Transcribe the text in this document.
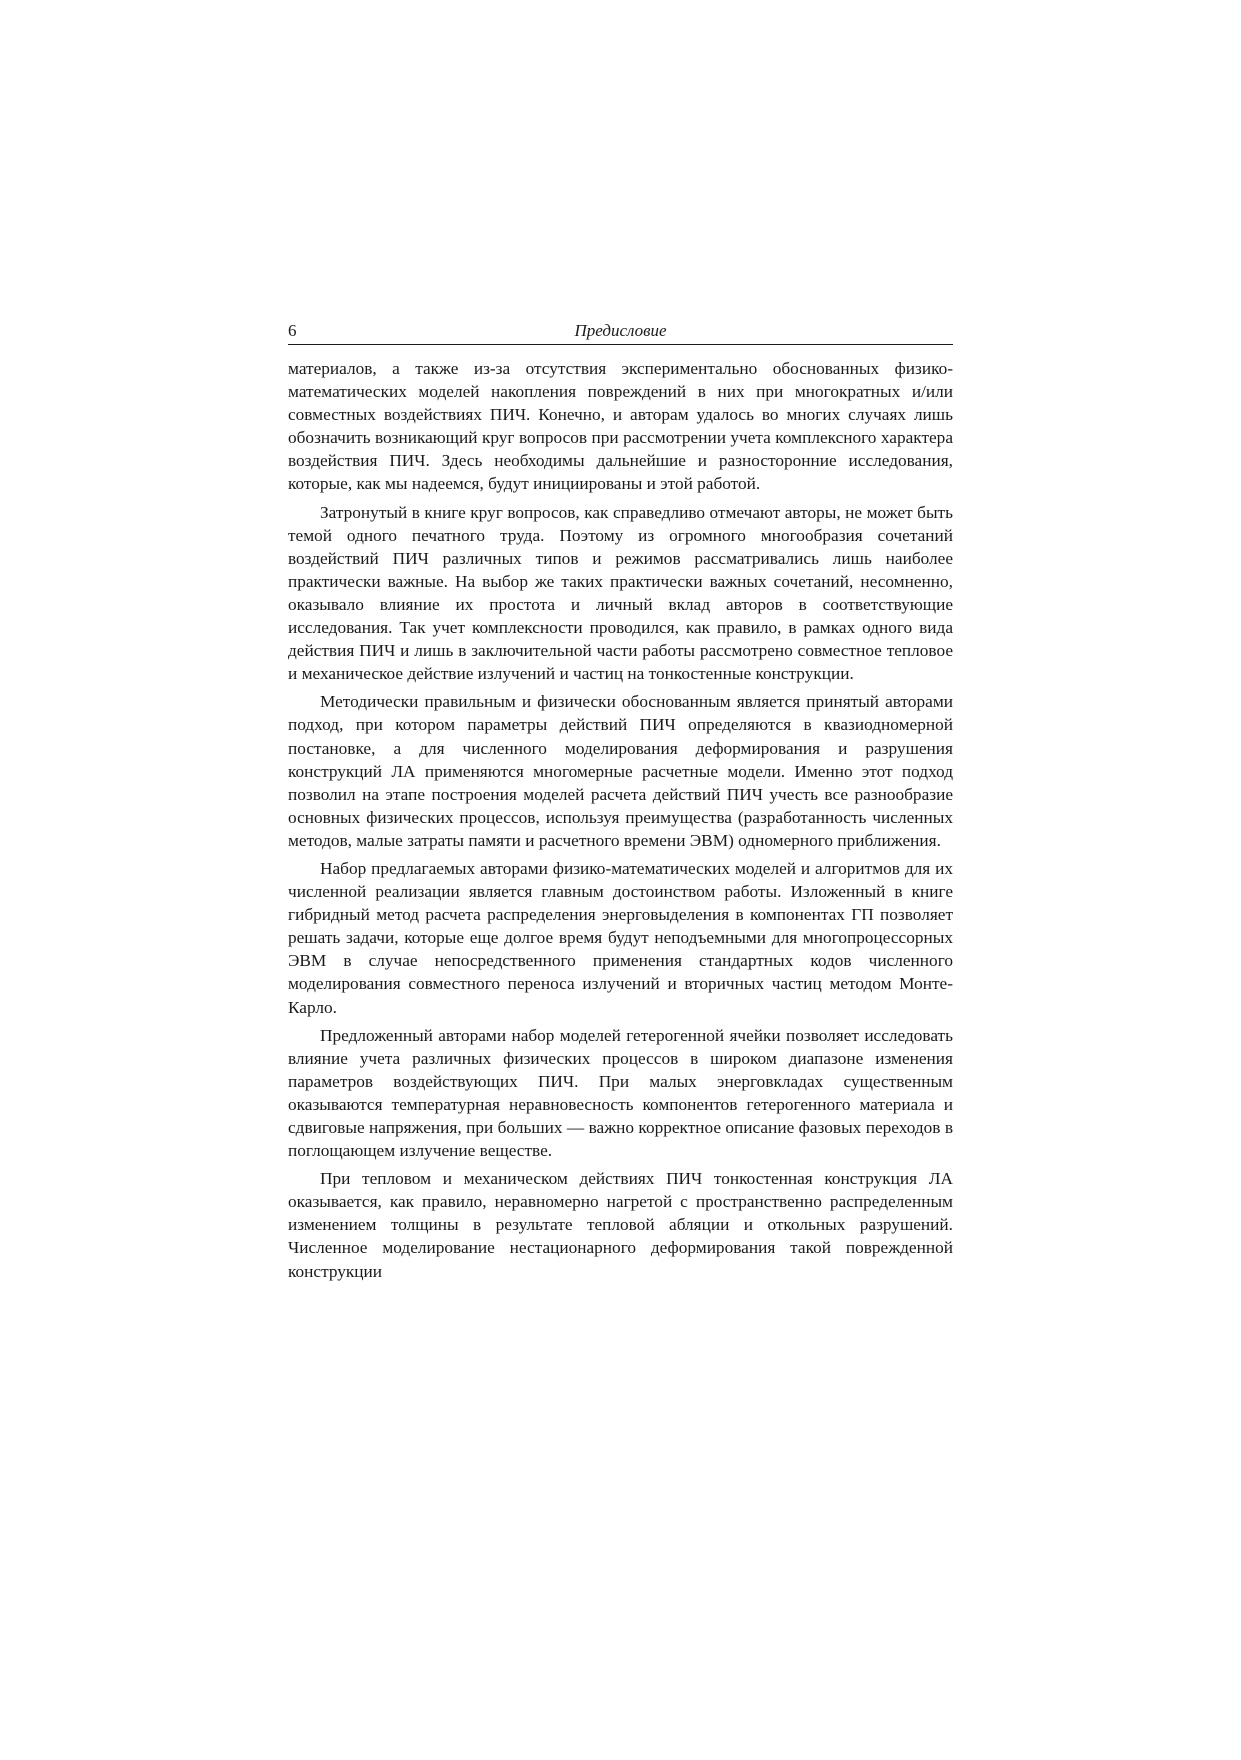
6	Предисловие

материалов, а также из-за отсутствия экспериментально обоснованных физико-математических моделей накопления повреждений в них при многократных и/или совместных воздействиях ПИЧ. Конечно, и авторам удалось во многих случаях лишь обозначить возникающий круг вопросов при рассмотрении учета комплексного характера воздействия ПИЧ. Здесь необходимы дальнейшие и разносторонние исследования, которые, как мы надеемся, будут инициированы и этой работой.

Затронутый в книге круг вопросов, как справедливо отмечают авторы, не может быть темой одного печатного труда. Поэтому из огромного многообразия сочетаний воздействий ПИЧ различных типов и режимов рассматривались лишь наиболее практически важные. На выбор же таких практически важных сочетаний, несомненно, оказывало влияние их простота и личный вклад авторов в соответствующие исследования. Так учет комплексности проводился, как правило, в рамках одного вида действия ПИЧ и лишь в заключительной части работы рассмотрено совместное тепловое и механическое действие излучений и частиц на тонкостенные конструкции.

Методически правильным и физически обоснованным является принятый авторами подход, при котором параметры действий ПИЧ определяются в квазиодномерной постановке, а для численного моделирования деформирования и разрушения конструкций ЛА применяются многомерные расчетные модели. Именно этот подход позволил на этапе построения моделей расчета действий ПИЧ учесть все разнообразие основных физических процессов, используя преимущества (разработанность численных методов, малые затраты памяти и расчетного времени ЭВМ) одномерного приближения.

Набор предлагаемых авторами физико-математических моделей и алгоритмов для их численной реализации является главным достоинством работы. Изложенный в книге гибридный метод расчета распределения энерговыделения в компонентах ГП позволяет решать задачи, которые еще долгое время будут неподъемными для многопроцессорных ЭВМ в случае непосредственного применения стандартных кодов численного моделирования совместного переноса излучений и вторичных частиц методом Монте-Карло.

Предложенный авторами набор моделей гетерогенной ячейки позволяет исследовать влияние учета различных физических процессов в широком диапазоне изменения параметров воздействующих ПИЧ. При малых энерговкладах существенным оказываются температурная неравновесность компонентов гетерогенного материала и сдвиговые напряжения, при больших — важно корректное описание фазовых переходов в поглощающем излучение веществе.

При тепловом и механическом действиях ПИЧ тонкостенная конструкция ЛА оказывается, как правило, неравномерно нагретой с пространственно распределенным изменением толщины в результате тепловой абляции и откольных разрушений. Численное моделирование нестационарного деформирования такой поврежденной конструкции
